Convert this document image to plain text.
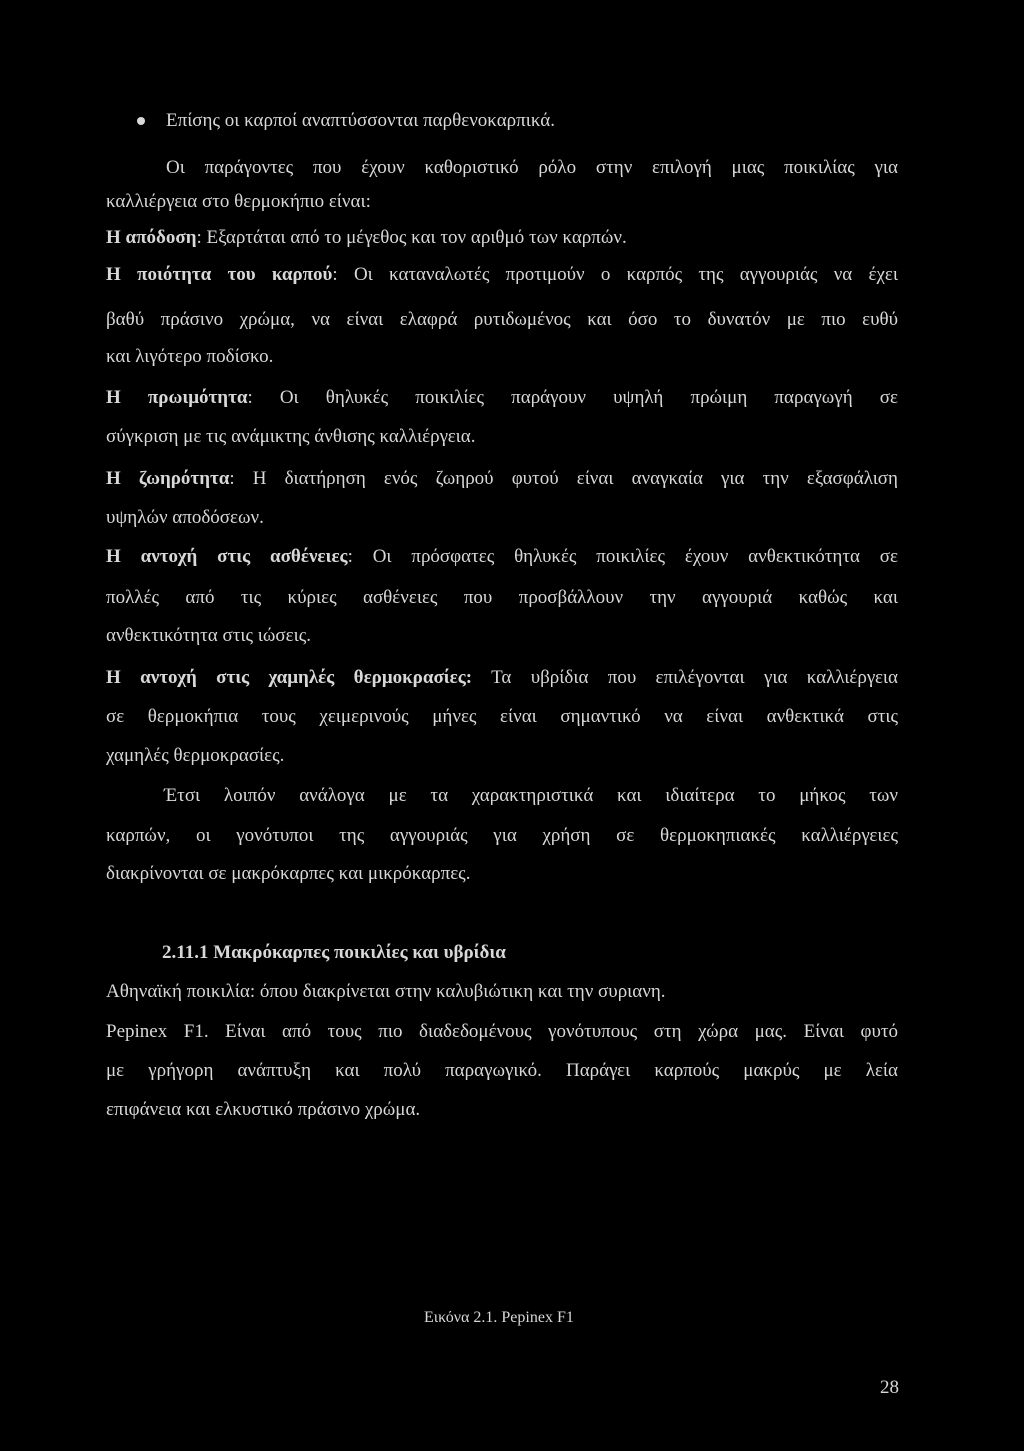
Επίσης οι καρποί αναπτύσσονται παρθενοκαρπικά.
Οι παράγοντες που έχουν καθοριστικό ρόλο στην επιλογή μιας ποικιλίας για
καλλιέργεια στο θερμοκήπιο είναι:
Η απόδοση: Εξαρτάται από το μέγεθος και τον αριθμό των καρπών.
Η ποιότητα του καρπού: Οι καταναλωτές προτιμούν ο καρπός της αγγουριάς να έχει
βαθύ πράσινο χρώμα, να είναι ελαφρά ρυτιδωμένος και όσο το δυνατόν με πιο ευθύ
και λιγότερο ποδίσκο.
Η πρωιμότητα: Οι θηλυκές ποικιλίες παράγουν υψηλή πρώιμη παραγωγή σε
σύγκριση με τις ανάμικτης άνθισης καλλιέργεια.
Η ζωηρότητα: Η διατήρηση ενός ζωηρού φυτού είναι αναγκαία για την εξασφάλιση
υψηλών αποδόσεων.
Η αντοχή στις ασθένειες: Οι πρόσφατες θηλυκές ποικιλίες έχουν ανθεκτικότητα σε
πολλές από τις κύριες ασθένειες που προσβάλλουν την αγγουριά καθώς και
ανθεκτικότητα στις ιώσεις.
Η αντοχή στις χαμηλές θερμοκρασίες: Τα υβρίδια που επιλέγονται για καλλιέργεια
σε θερμοκήπια τους χειμερινούς μήνες είναι σημαντικό να είναι ανθεκτικά στις
χαμηλές θερμοκρασίες.
Έτσι λοιπόν ανάλογα με τα χαρακτηριστικά και ιδιαίτερα το μήκος των
καρπών, οι γονότυποι της αγγουριάς για χρήση σε θερμοκηπιακές καλλιέργειες
διακρίνονται σε μακρόκαρπες και μικρόκαρπες.
2.11.1 Μακρόκαρπες ποικιλίες και υβρίδια
Αθηναϊκή ποικιλία: όπου διακρίνεται στην καλυβιώτικη και την συριανη.
Pepinex F1. Είναι από τους πιο διαδεδομένους γονότυπους στη χώρα μας. Είναι φυτό
με γρήγορη ανάπτυξη και πολύ παραγωγικό. Παράγει καρπούς μακρύς με λεία
επιφάνεια και ελκυστικό πράσινο χρώμα.
Εικόνα 2.1. Pepinex F1
28
